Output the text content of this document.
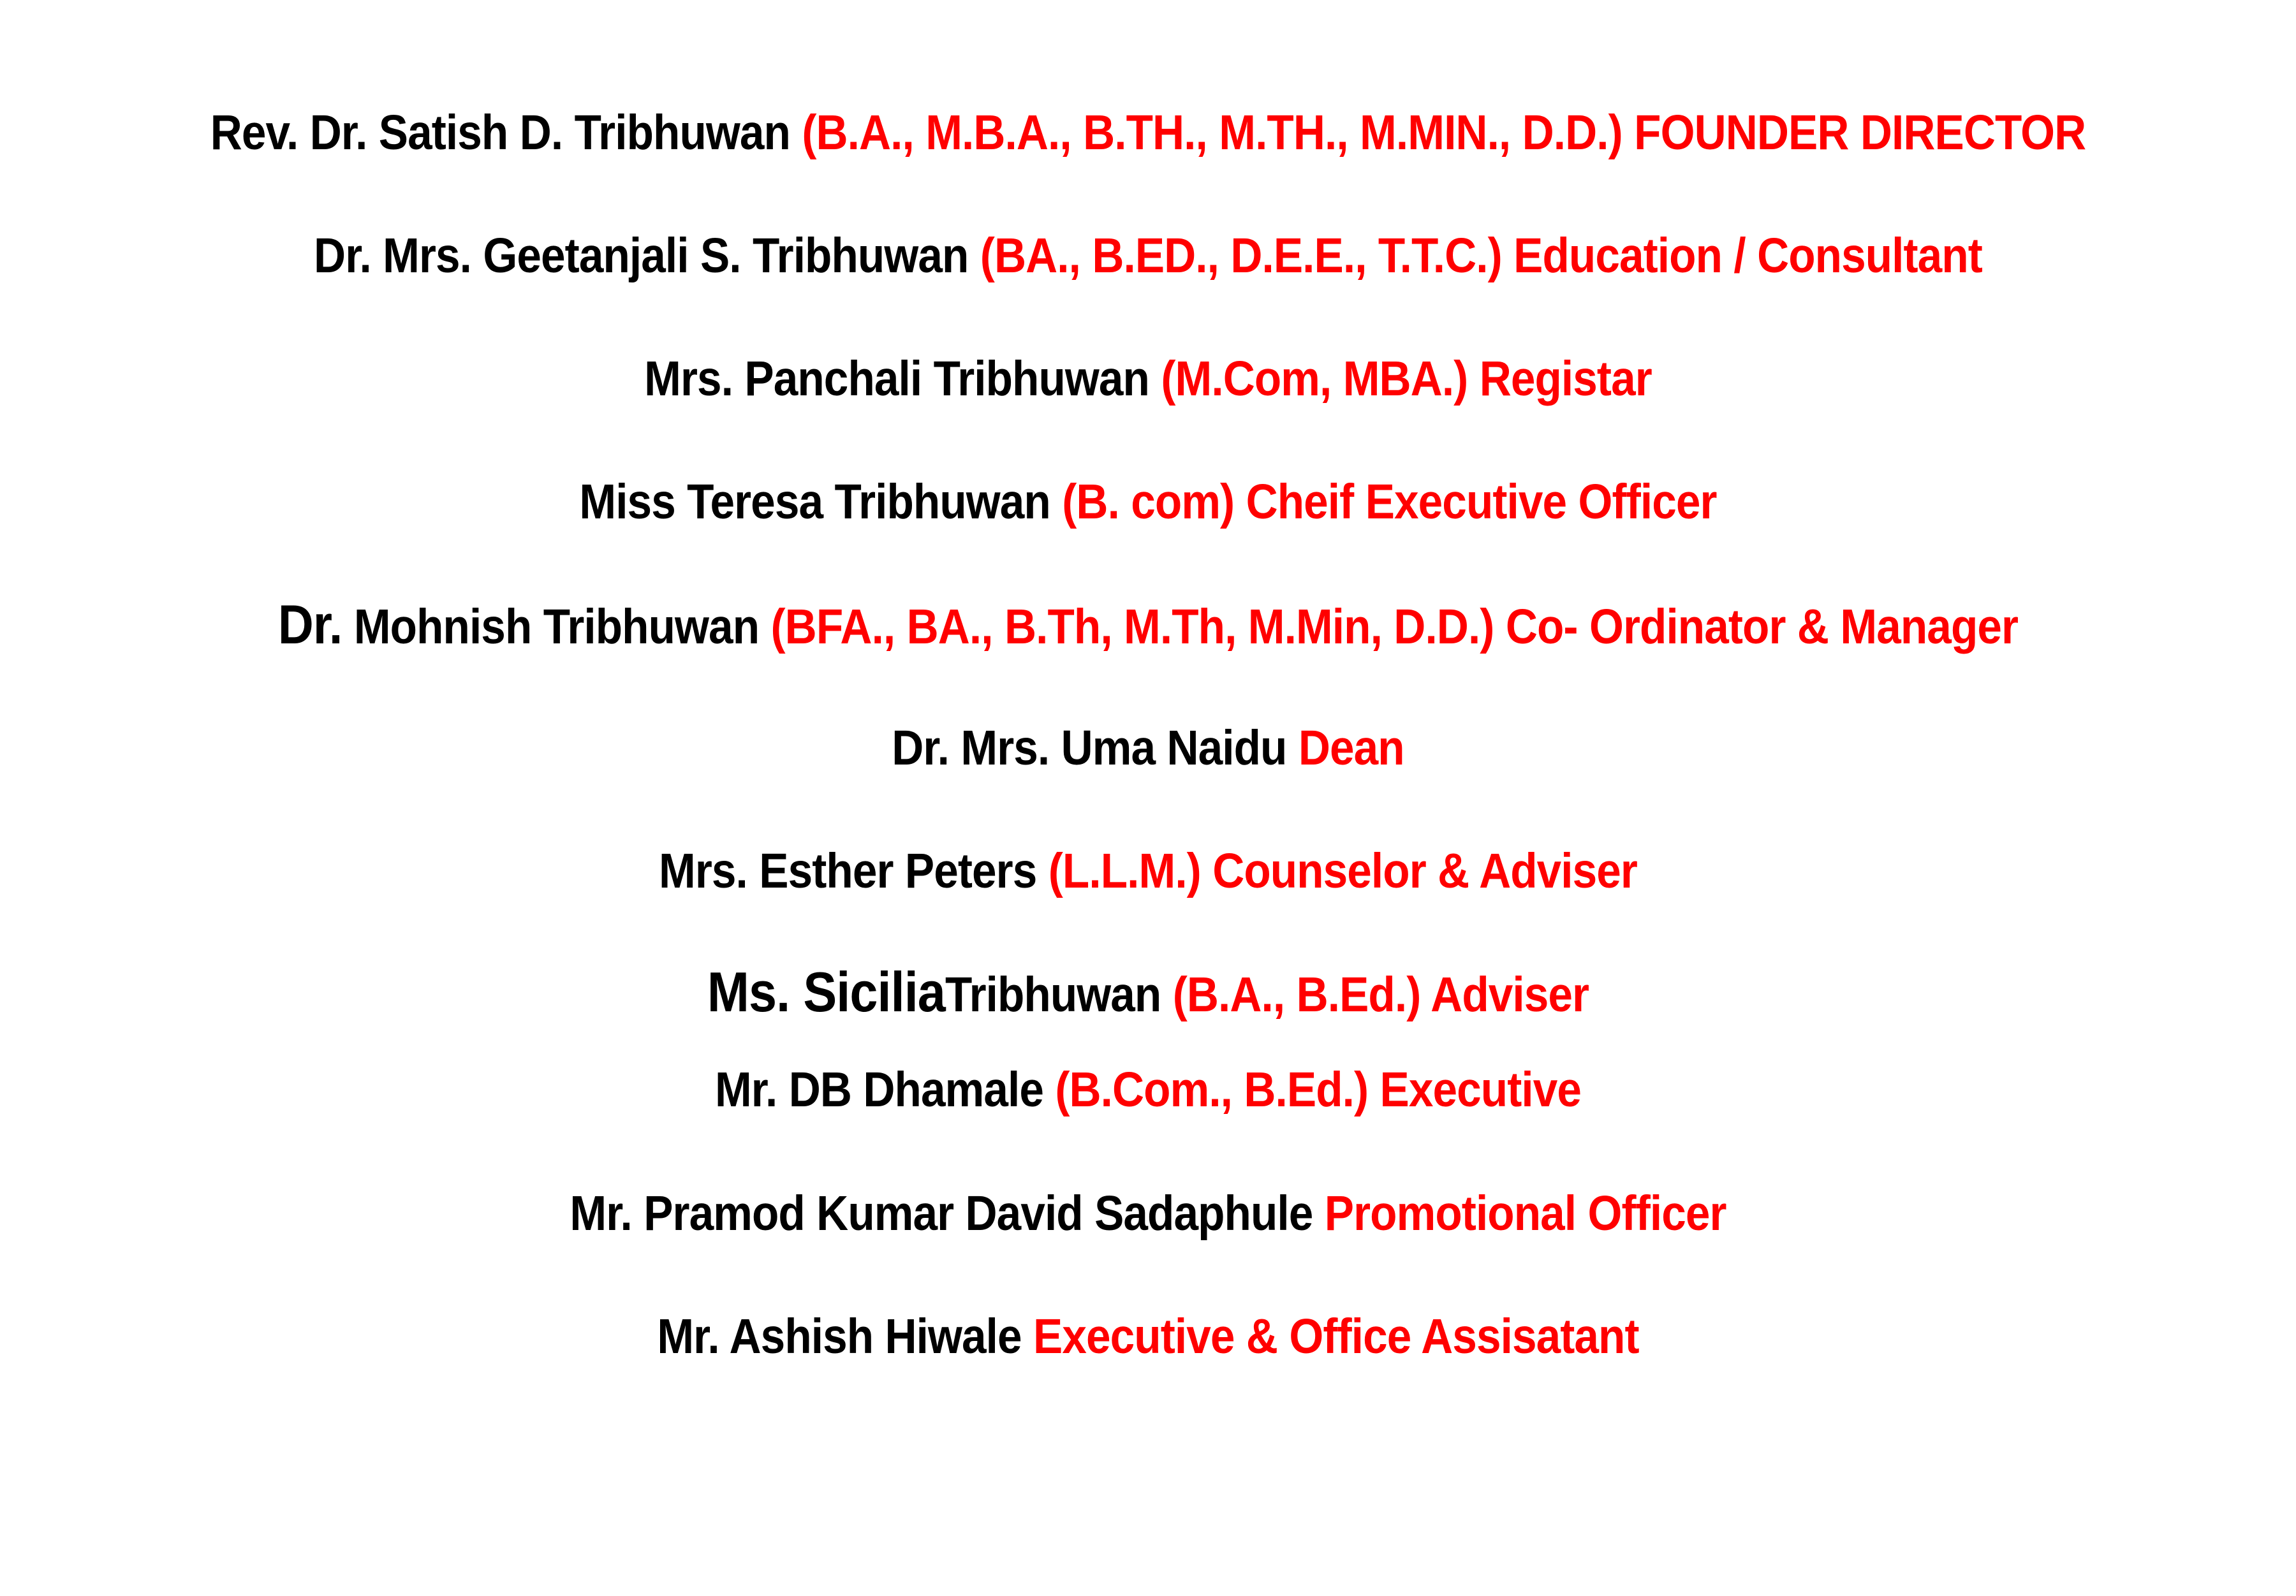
Rev. Dr. Satish D. Tribhuwan (B.A., M.B.A., B.TH., M.TH., M.MIN., D.D.) FOUNDER DIRECTOR
Dr. Mrs. Geetanjali S. Tribhuwan (BA., B.ED., D.E.E., T.T.C.) Education / Consultant
Mrs. Panchali Tribhuwan (M.Com, MBA.) Registar
Miss Teresa Tribhuwan (B. com) Cheif Executive Officer
Dr. Mohnish Tribhuwan (BFA., BA., B.Th, M.Th, M.Min, D.D.) Co- Ordinator & Manager
Dr. Mrs. Uma Naidu Dean
Mrs. Esther Peters (L.L.M.) Counselor & Adviser
Ms. SiciliaTribhuwan (B.A., B.Ed.) Adviser
Mr. DB Dhamale (B.Com., B.Ed.) Executive
Mr. Pramod Kumar David Sadaphule Promotional Officer
Mr. Ashish Hiwale Executive & Office Assisatant
